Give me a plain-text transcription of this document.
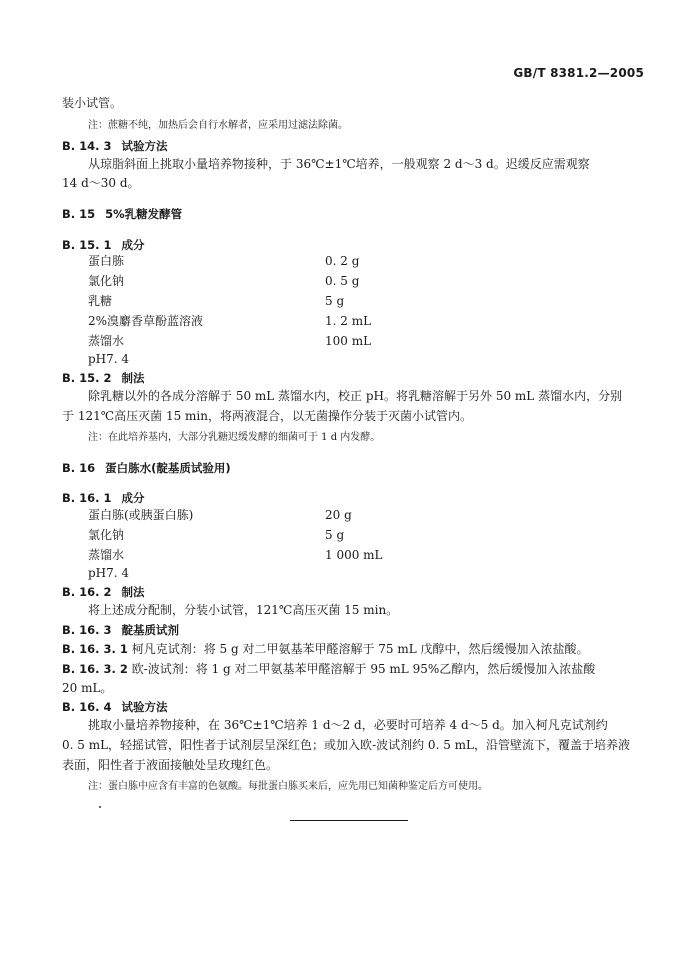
GB/T 8381.2—2005
装小试管。
注：蔗糖不纯，加热后会自行水解者，应采用过滤法除菌。
B. 14. 3 试验方法
从琼脂斜面上挑取小量培养物接种，于 36℃±1℃培养，一般观察 2 d～3 d。迟缓反应需观察
14 d～30 d。
B. 15 5%乳糖发酵管
B. 15. 1 成分
蛋白胨	0. 2 g
氯化钠	0. 5 g
乳糖	5 g
2%溴麝香草酚蓝溶液	1. 2 mL
蒸馏水	100 mL
pH7. 4
B. 15. 2 制法
除乳糖以外的各成分溶解于 50 mL 蒸馏水内，校正 pH。将乳糖溶解于另外 50 mL 蒸馏水内，分别
于 121℃高压灭菌 15 min，将两液混合，以无菌操作分装于灭菌小试管内。
注：在此培养基内，大部分乳糖迟缓发酵的细菌可于 1 d 内发酵。
B. 16 蛋白胨水(靛基质试验用)
B. 16. 1 成分
蛋白胨(或胰蛋白胨)	20 g
氯化钠	5 g
蒸馏水	1 000 mL
pH7. 4
B. 16. 2 制法
将上述成分配制，分装小试管，121℃高压灭菌 15 min。
B. 16. 3 靛基质试剂
B. 16. 3. 1 柯凡克试剂：将 5 g 对二甲氨基苯甲醛溶解于 75 mL 戊醇中，然后缓慢加入浓盐酸。
B. 16. 3. 2 欧-波试剂：将 1 g 对二甲氨基苯甲醛溶解于 95 mL 95%乙醇内，然后缓慢加入浓盐酸
20 mL。
B. 16. 4 试验方法
挑取小量培养物接种，在 36℃±1℃培养 1 d～2 d，必要时可培养 4 d～5 d。加入柯凡克试剂约
0. 5 mL，轻摇试管，阳性者于试剂层呈深红色；或加入欧-波试剂约 0. 5 mL，沿管壁流下，覆盖于培养液
表面，阳性者于液面接触处呈玫瑰红色。
注：蛋白胨中应含有丰富的色氨酸。每批蛋白胨买来后，应先用已知菌种鉴定后方可使用。
